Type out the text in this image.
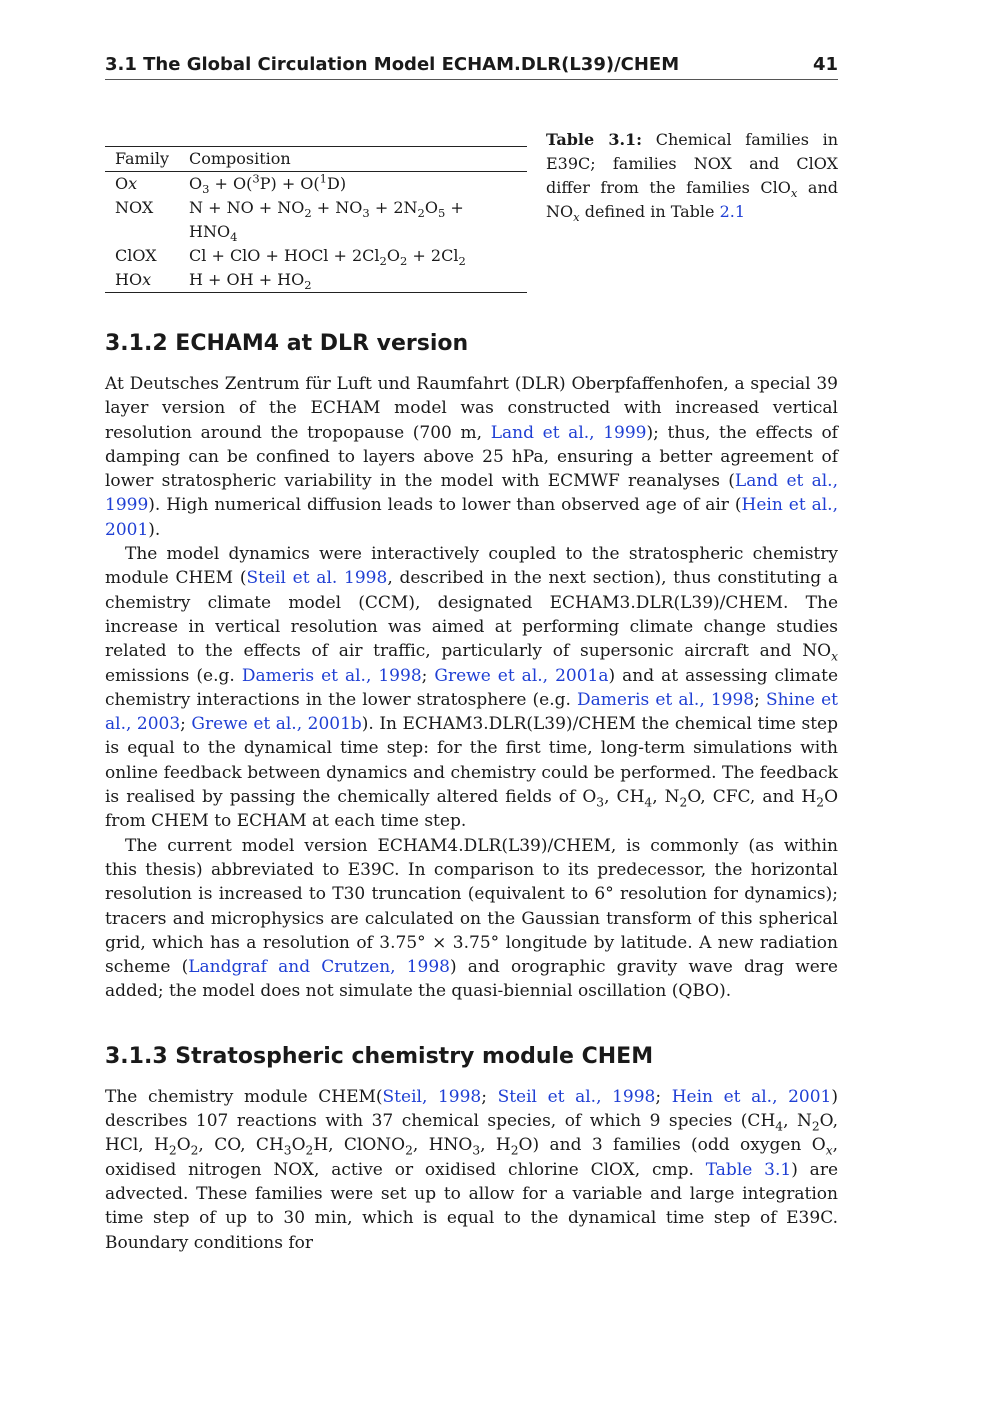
3.1 The Global Circulation Model ECHAM.DLR(L39)/CHEM	41
Family	Composition
Ox	$O_3 + O(^3P) + O(^1D)$
NOX	N + NO + $NO_2 + NO_3 + 2N_2O_5 + HNO_4$
ClOX	Cl + ClO + HOCl + $2Cl_2O_2 + 2Cl_2$
HOx	H + OH + $HO_2$
Table 3.1: Chemical families in E39C; families NOX and ClOX differ from the families ClO$_x$ and $NO_x$ defined in Table 2.1
3.1.2 ECHAM4 at DLR version

At Deutsches Zentrum für Luft und Raumfahrt (DLR) Oberpfaffenhofen, a special 39 layer version of the ECHAM model was constructed with increased vertical resolution around the tropopause (700 m, Land et al., 1999); thus, the effects of damping can be confined to layers above 25 hPa, ensuring a better agreement of lower stratospheric variability in the model with ECMWF reanalyses (Land et al., 1999). High numerical diffusion leads to lower than observed age of air (Hein et al., 2001).

The model dynamics were interactively coupled to the stratospheric chemistry module CHEM (Steil et al. 1998, described in the next section), thus constituting a chemistry climate model (CCM), designated ECHAM3.DLR(L39)/CHEM. The increase in vertical resolution was aimed at performing climate change studies related to the effects of air traffic, particularly of supersonic aircraft and $NO_x$ emissions (e.g. Dameris et al., 1998; Grewe et al., 2001a) and at assessing climate chemistry interactions in the lower stratosphere (e.g. Dameris et al., 1998; Shine et al., 2003; Grewe et al., 2001b). In ECHAM3.DLR(L39)/CHEM the chemical time step is equal to the dynamical time step: for the first time, long-term simulations with online feedback between dynamics and chemistry could be performed. The feedback is realised by passing the chemically altered fields of $O_3$, $CH_4$, $N_2O$, CFC, and $H_2O$ from CHEM to ECHAM at each time step.

The current model version ECHAM4.DLR(L39)/CHEM, is commonly (as within this thesis) abbreviated to E39C. In comparison to its predecessor, the horizontal resolution is increased to T30 truncation (equivalent to 6° resolution for dynamics); tracers and microphysics are calculated on the Gaussian transform of this spherical grid, which has a resolution of 3.75° × 3.75° longitude by latitude. A new radiation scheme (Landgraf and Crutzen, 1998) and orographic gravity wave drag were added; the model does not simulate the quasi-biennial oscillation (QBO).

3.1.3 Stratospheric chemistry module CHEM

The chemistry module CHEM(Steil, 1998; Steil et al., 1998; Hein et al., 2001) describes 107 reactions with 37 chemical species, of which 9 species ($CH_4$, $N_2O$, HCl, $H_2O_2$, CO, $CH_3O_2H$, ClONO$_2$, $HNO_3$, $H_2O$) and 3 families (odd oxygen $O_x$, oxidised nitrogen NOX, active or oxidised chlorine ClOX, cmp. Table 3.1) are advected. These families were set up to allow for a variable and large integration time step of up to 30 min, which is equal to the dynamical time step of E39C. Boundary conditions for
